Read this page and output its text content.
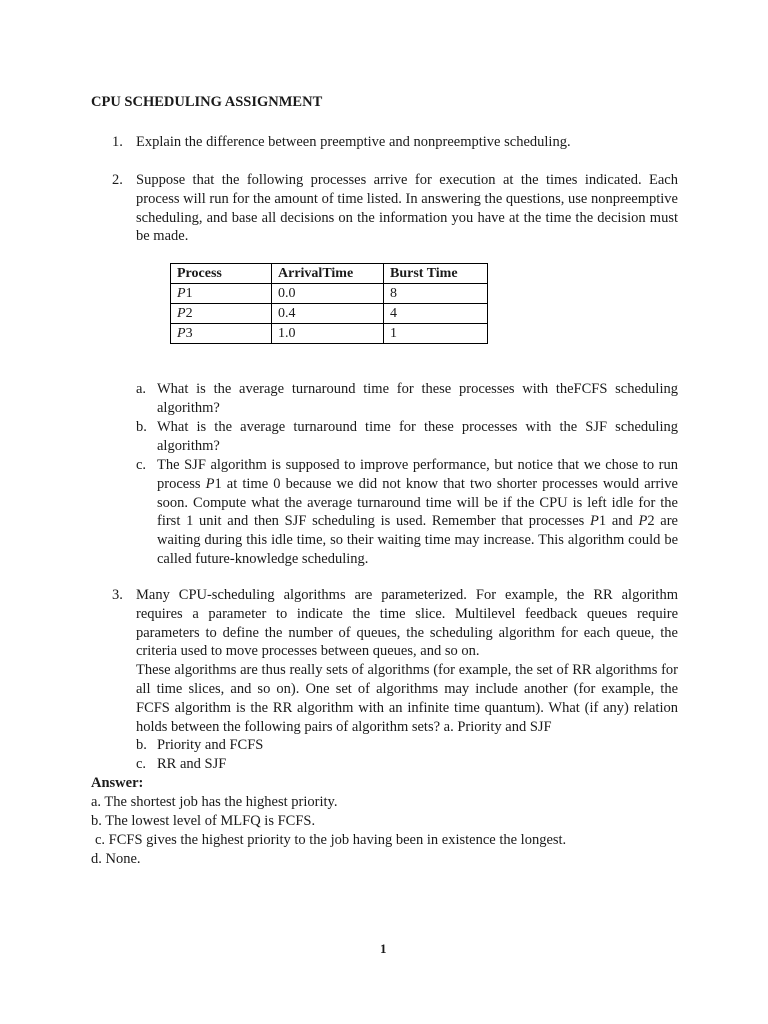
CPU SCHEDULING ASSIGNMENT
1. Explain the difference between preemptive and nonpreemptive scheduling.
2. Suppose that the following processes arrive for execution at the times indicated. Each process will run for the amount of time listed. In answering the questions, use nonpreemptive scheduling, and base all decisions on the information you have at the time the decision must be made.
Process	ArrivalTime	Burst Time
P1	0.0	8
P2	0.4	4
P3	1.0	1
a. What is the average turnaround time for these processes with theFCFS scheduling algorithm?
b. What is the average turnaround time for these processes with the SJF scheduling algorithm?
c. The SJF algorithm is supposed to improve performance, but notice that we chose to run process P1 at time 0 because we did not know that two shorter processes would arrive soon. Compute what the average turnaround time will be if the CPU is left idle for the first 1 unit and then SJF scheduling is used. Remember that processes P1 and P2 are waiting during this idle time, so their waiting time may increase. This algorithm could be called future-knowledge scheduling.
3. Many CPU-scheduling algorithms are parameterized. For example, the RR algorithm requires a parameter to indicate the time slice. Multilevel feedback queues require parameters to define the number of queues, the scheduling algorithm for each queue, the criteria used to move processes between queues, and so on.
These algorithms are thus really sets of algorithms (for example, the set of RR algorithms for all time slices, and so on). One set of algorithms may include another (for example, the FCFS algorithm is the RR algorithm with an infinite time quantum). What (if any) relation holds between the following pairs of algorithm sets? a. Priority and SJF
b. Priority and FCFS
c. RR and SJF
Answer:
a. The shortest job has the highest priority.
b. The lowest level of MLFQ is FCFS.
c. FCFS gives the highest priority to the job having been in existence the longest.
d. None.
1
